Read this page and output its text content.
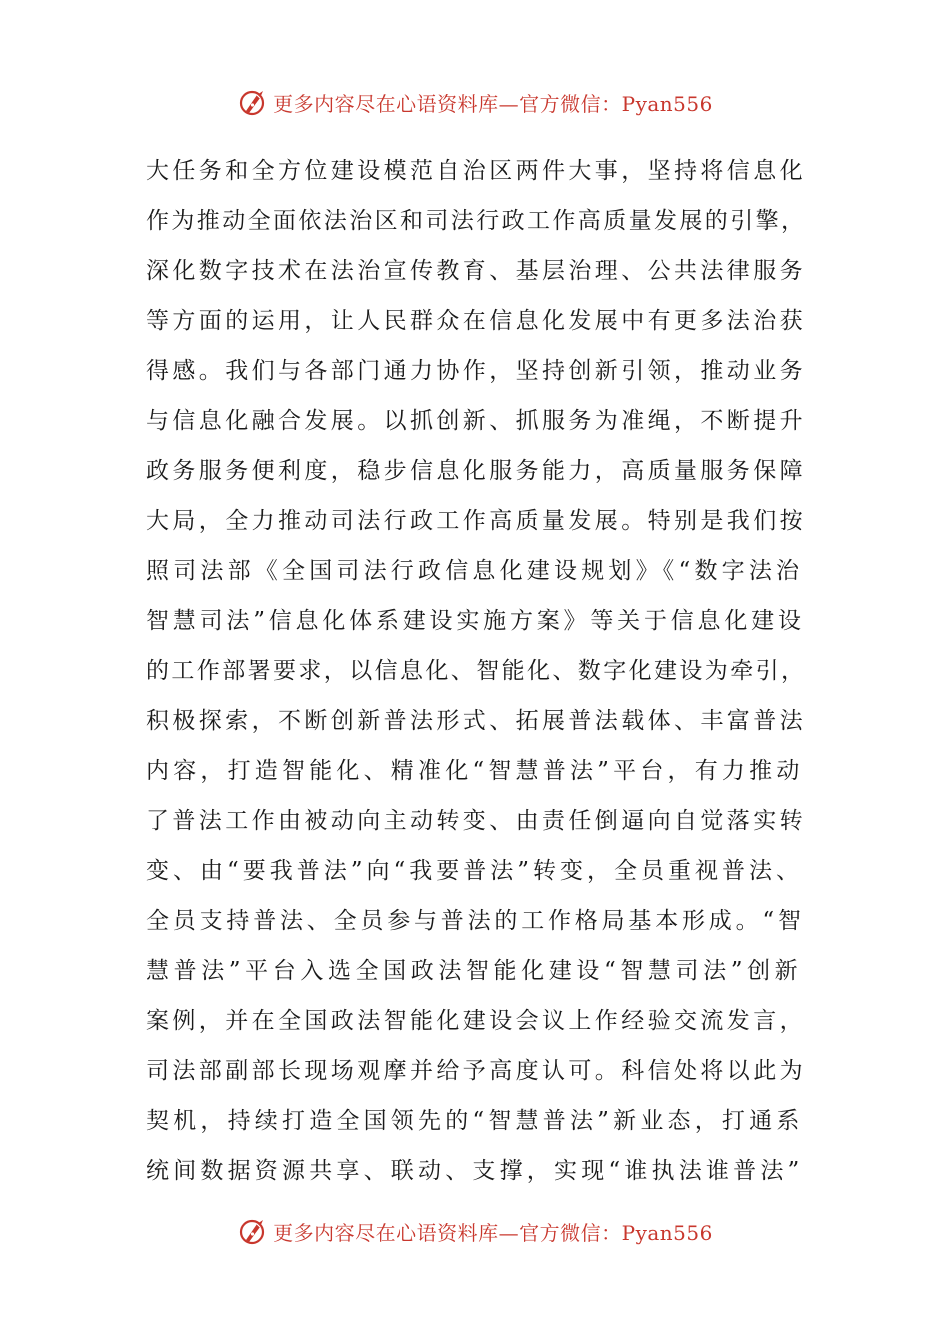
更多内容尽在心语资料库—官方微信：Pyan556
大任务和全方位建设模范自治区两件大事，坚持将信息化
作为推动全面依法治区和司法行政工作高质量发展的引擎，
深化数字技术在法治宣传教育、基层治理、公共法律服务
等方面的运用，让人民群众在信息化发展中有更多法治获
得感。我们与各部门通力协作，坚持创新引领，推动业务
与信息化融合发展。以抓创新、抓服务为准绳，不断提升
政务服务便利度，稳步信息化服务能力，高质量服务保障
大局，全力推动司法行政工作高质量发展。特别是我们按
照司法部《全国司法行政信息化建设规划》《“数字法治
智慧司法”信息化体系建设实施方案》等关于信息化建设
的工作部署要求，以信息化、智能化、数字化建设为牵引，
积极探索，不断创新普法形式、拓展普法载体、丰富普法
内容，打造智能化、精准化“智慧普法”平台，有力推动
了普法工作由被动向主动转变、由责任倒逼向自觉落实转
变、由“要我普法”向“我要普法”转变，全员重视普法、
全员支持普法、全员参与普法的工作格局基本形成。“智
慧普法”平台入选全国政法智能化建设“智慧司法”创新
案例，并在全国政法智能化建设会议上作经验交流发言，
司法部副部长现场观摩并给予高度认可。科信处将以此为
契机，持续打造全国领先的“智慧普法”新业态，打通系
统间数据资源共享、联动、支撑，实现“谁执法谁普法”
更多内容尽在心语资料库—官方微信：Pyan556
